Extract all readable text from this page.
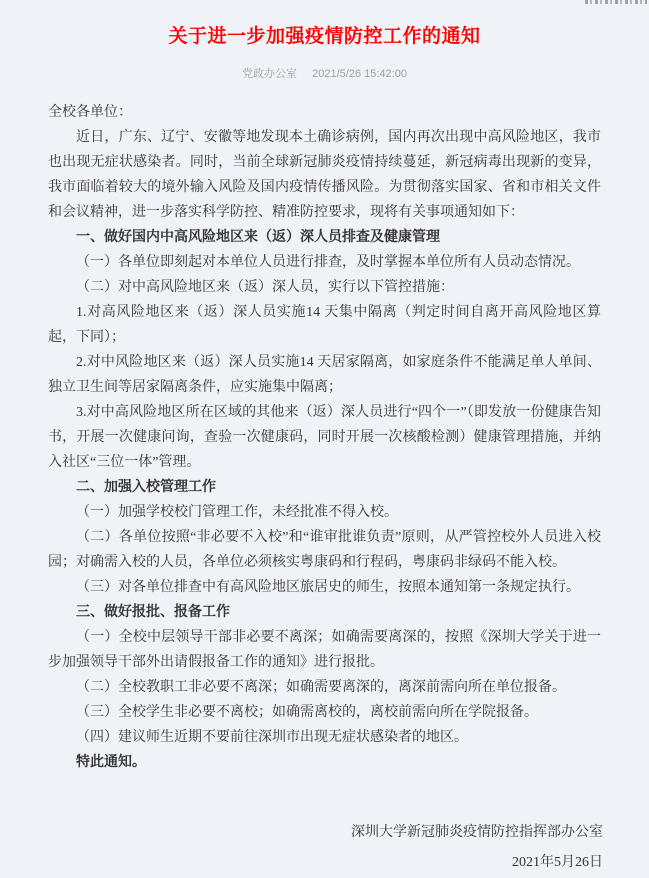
关于进一步加强疫情防控工作的通知
党政办公室 2021/5/26 15:42:00

全校各单位：

近日，广东、辽宁、安徽等地发现本土确诊病例，国内再次出现中高风险地区，我市也出现无症状感染者。同时，当前全球新冠肺炎疫情持续蔓延，新冠病毒出现新的变异，我市面临着较大的境外输入风险及国内疫情传播风险。为贯彻落实国家、省和市相关文件和会议精神，进一步落实科学防控、精准防控要求，现将有关事项通知如下：

一、做好国内中高风险地区来（返）深人员排查及健康管理

（一）各单位即刻起对本单位人员进行排查，及时掌握本单位所有人员动态情况。

（二）对中高风险地区来（返）深人员，实行以下管控措施：

1.对高风险地区来（返）深人员实施14 天集中隔离（判定时间自离开高风险地区算起，下同）；

2.对中风险地区来（返）深人员实施14 天居家隔离，如家庭条件不能满足单人单间、独立卫生间等居家隔离条件，应实施集中隔离；

3.对中高风险地区所在区域的其他来（返）深人员进行“四个一”（即发放一份健康告知书，开展一次健康问询，查验一次健康码，同时开展一次核酸检测）健康管理措施，并纳入社区“三位一体”管理。

二、加强入校管理工作

（一）加强学校校门管理工作，未经批准不得入校。

（二）各单位按照“非必要不入校”和“谁审批谁负责”原则，从严管控校外人员进入校园；对确需入校的人员，各单位必须核实粤康码和行程码，粤康码非绿码不能入校。

（三）对各单位排查中有高风险地区旅居史的师生，按照本通知第一条规定执行。

三、做好报批、报备工作

（一）全校中层领导干部非必要不离深；如确需要离深的，按照《深圳大学关于进一步加强领导干部外出请假报备工作的通知》进行报批。

（二）全校教职工非必要不离深；如确需要离深的，离深前需向所在单位报备。

（三）全校学生非必要不离校；如确需离校的，离校前需向所在学院报备。

（四）建议师生近期不要前往深圳市出现无症状感染者的地区。

特此通知。

深圳大学新冠肺炎疫情防控指挥部办公室
2021年5月26日
